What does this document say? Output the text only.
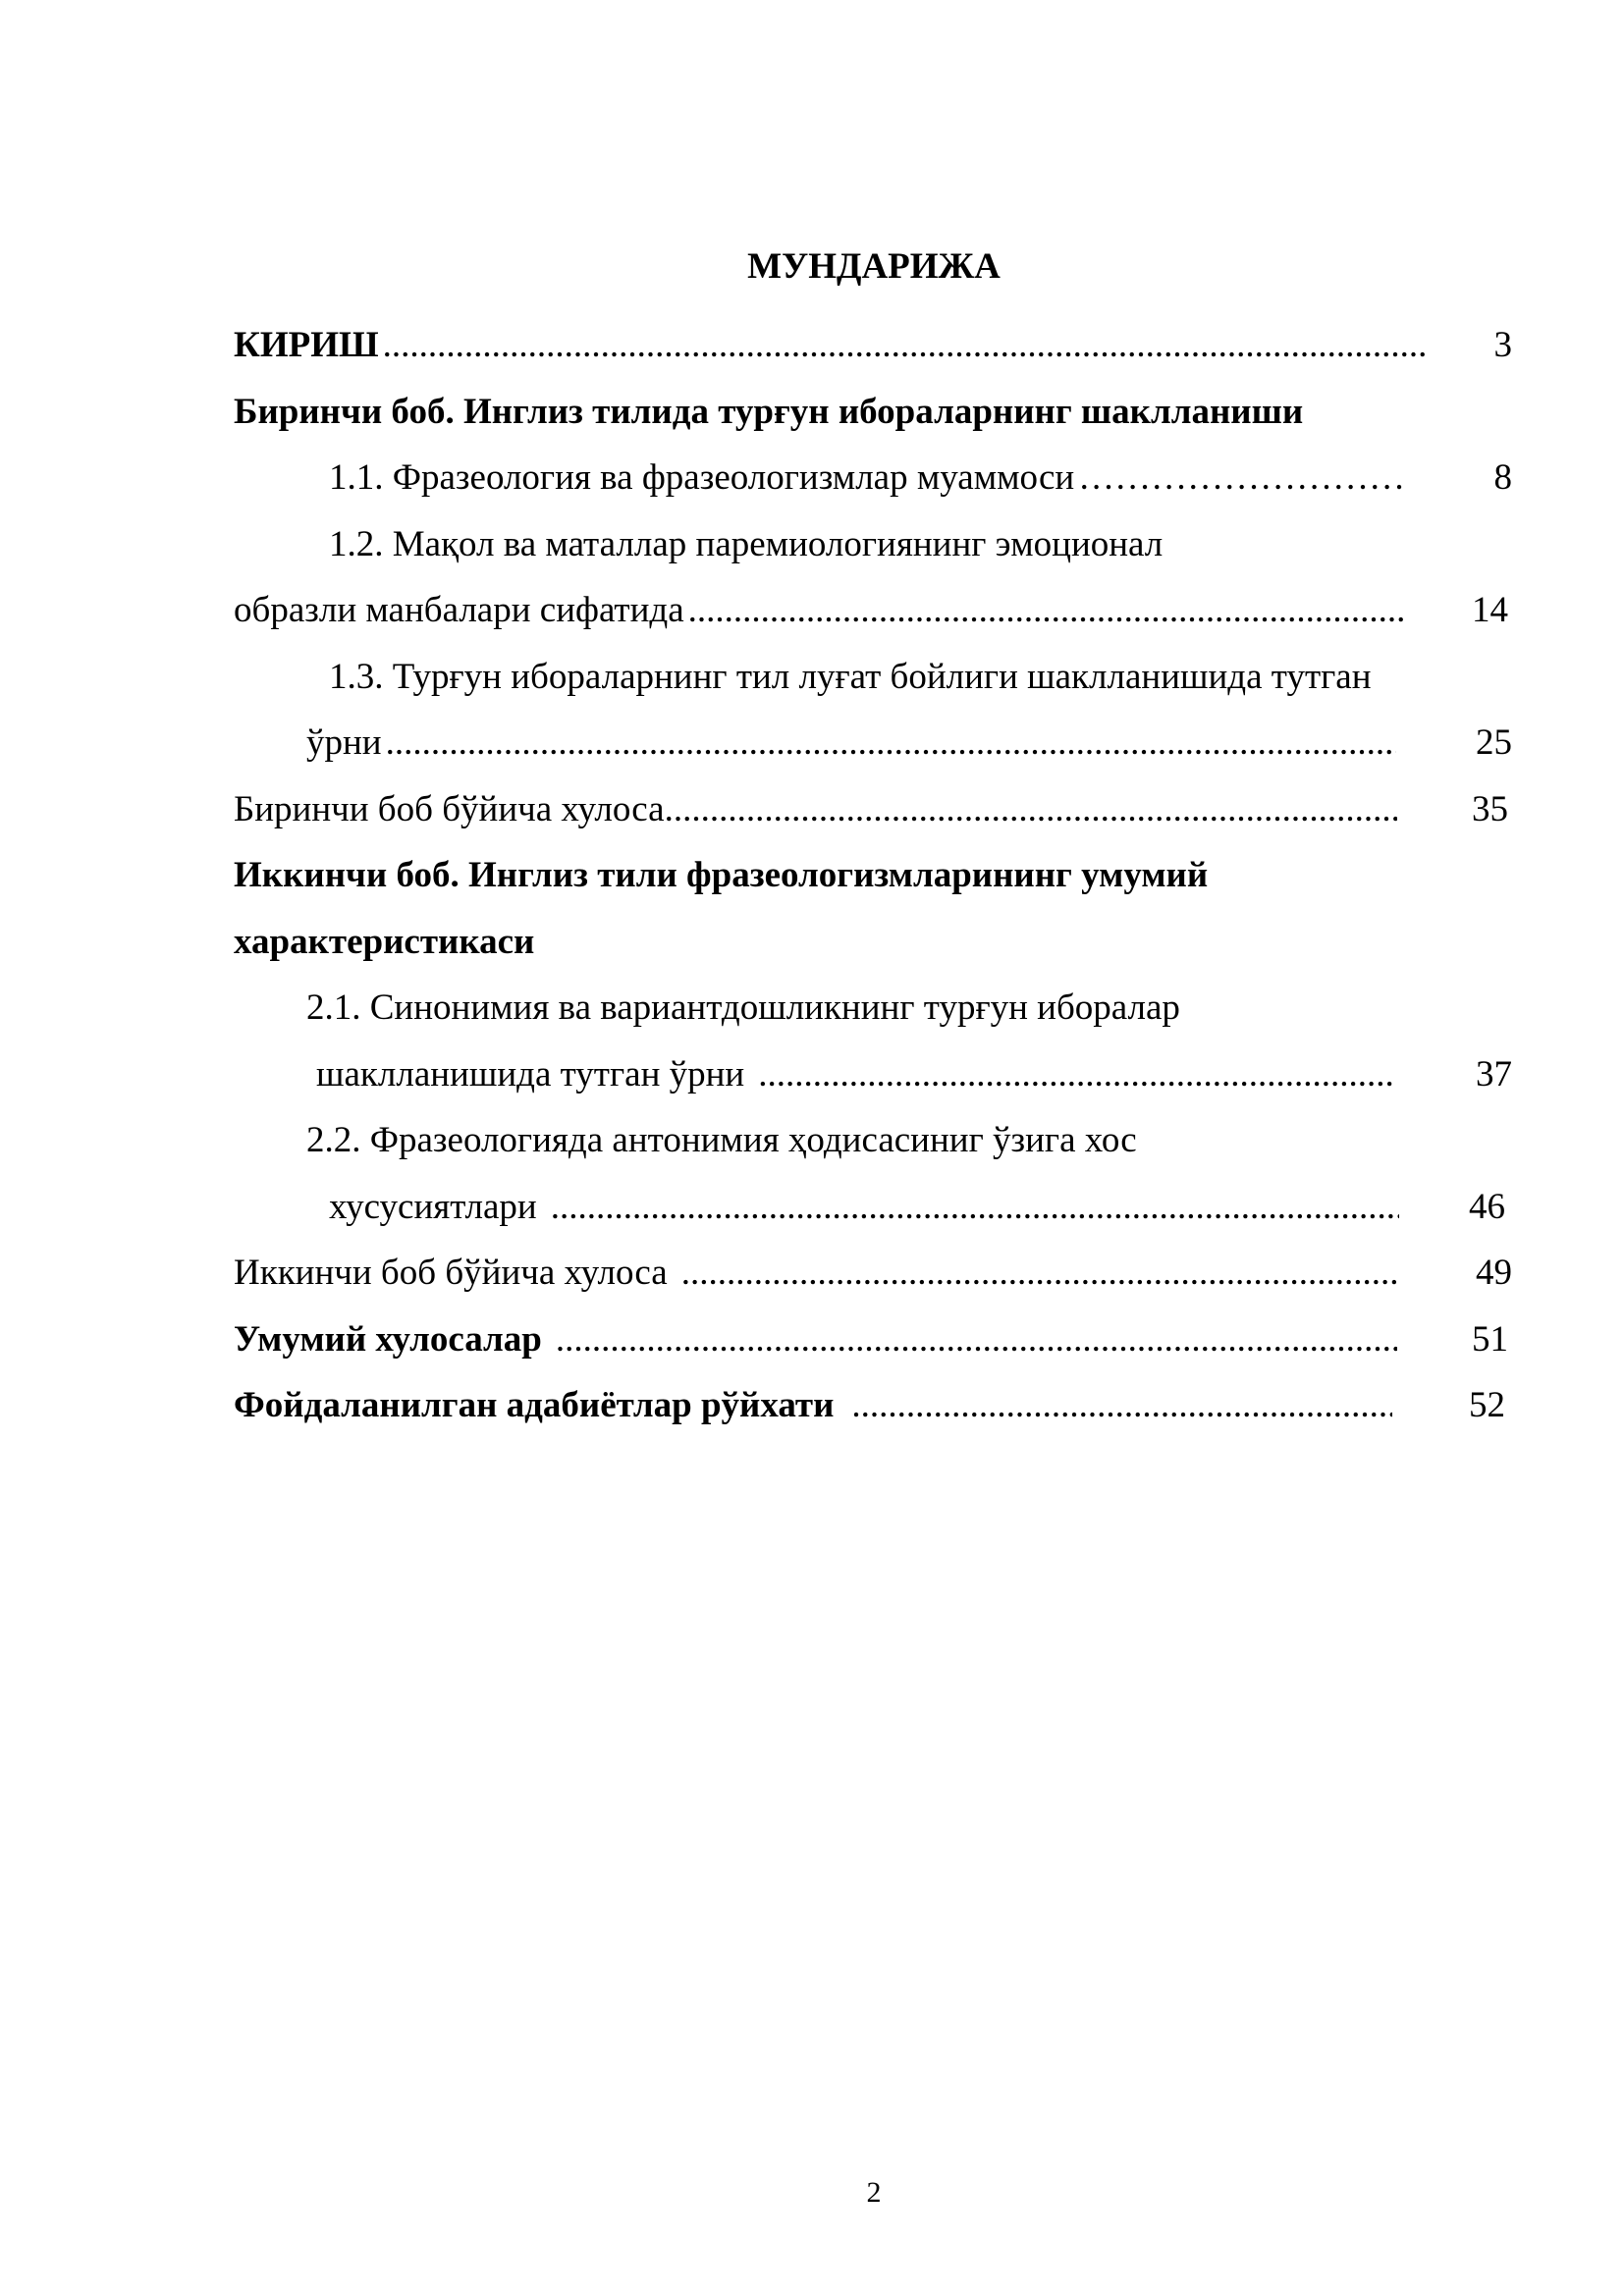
МУНДАРИЖА
КИРИШ .....	3
Биринчи боб. Инглиз тилида турғун ибораларнинг шаклланиши
1.1. Фразеология ва фразеологизмлар муаммоси ……………………………………………………………………………………………	8
1.2. Мақол ва маталлар паремиологиянинг эмоционал
образли манбалари сифатида .....	14
1.3. Турғун ибораларнинг тил луғат бойлиги шаклланишида тутган
ўрни .....	25
Биринчи боб бўйича хулоса .....	35
Иккинчи боб. Инглиз тили фразеологизмларининг умумий
характеристикаси
2.1. Синонимия ва вариантдошликнинг турғун иборалар
шаклланишида тутган ўрни .....	37
2.2. Фразеологияда антонимия ҳодисасиниг ўзига хос
хусусиятлари .....	46
Иккинчи боб бўйича хулоса .....	49
Умумий хулосалар .....	51
Фойдаланилган адабиётлар рўйхати .....	52
2
